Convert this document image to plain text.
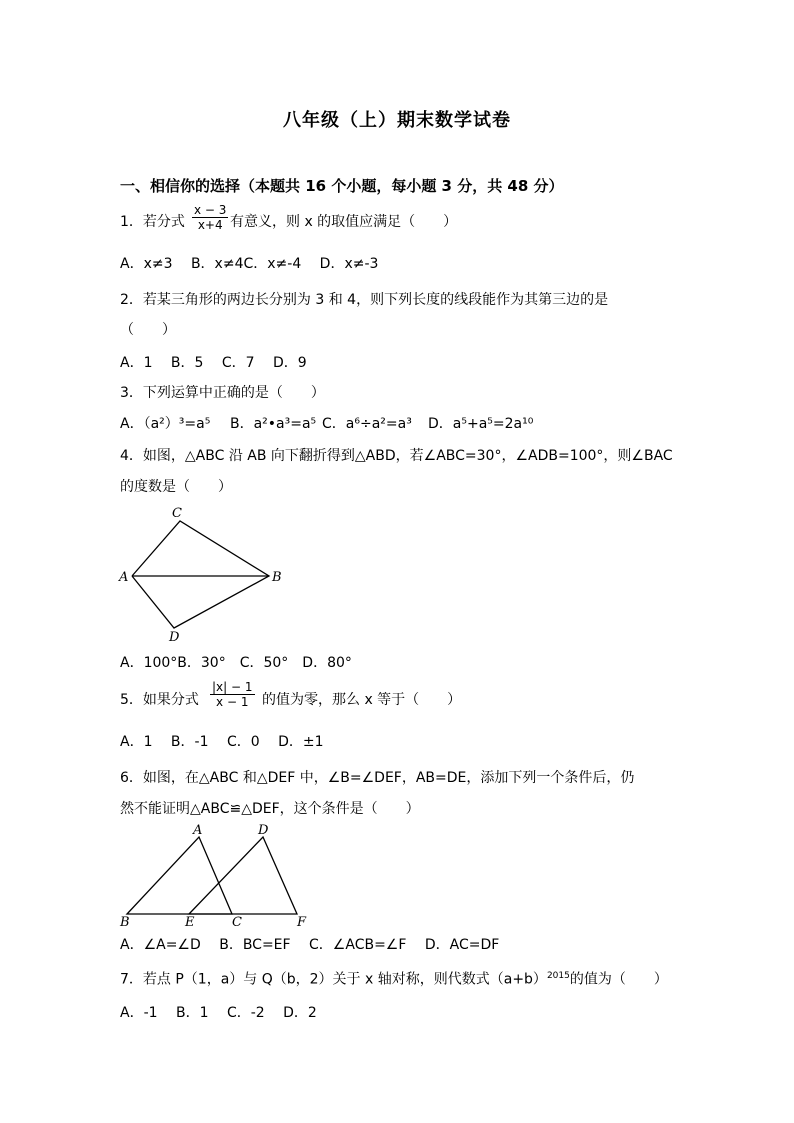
八年级（上）期末数学试卷
一、相信你的选择（本题共 16 个小题，每小题 3 分，共 48 分）
1．若分式 $\frac{x - 3}{x+4}$ 有意义，则 x 的取值应满足（　　）
A．x≠3　 B．x≠4C．x≠-4　 D．x≠-3
2．若某三角形的两边长分别为 3 和 4，则下列长度的线段能作为其第三边的是
（　　）
A．1　 B．5　 C．7　 D．9
3．下列运算中正确的是（　　）
A．（a²）³=a⁵ B．a²•a³=a⁵ C．a⁶÷a²=a³ D．a⁵+a⁵=2a¹⁰
4．如图，△ABC 沿 AB 向下翻折得到△ABD，若∠ABC=30°，∠ADB=100°，则∠BAC
的度数是（　　）
C
A	B
D
A．100°B．30°　C．50°　D．80°
5．如果分式 $\frac{|x| - 1}{x - 1}$ 的值为零，那么 x 等于（　　）
A．1　 B．-1　 C．0　 D．±1
6．如图，在△ABC 和△DEF 中，∠B=∠DEF，AB=DE，添加下列一个条件后，仍
然不能证明△ABC≌△DEF，这个条件是（　　）
A	D
B	E	C	F
A．∠A=∠D　 B．BC=EF　 C．∠ACB=∠F　 D．AC=DF
7．若点 P（1，a）与 Q（b，2）关于 x 轴对称，则代数式$(a+b)^{2015}$的值为（　　）
A．-1　 B．1　 C．-2　 D．2
